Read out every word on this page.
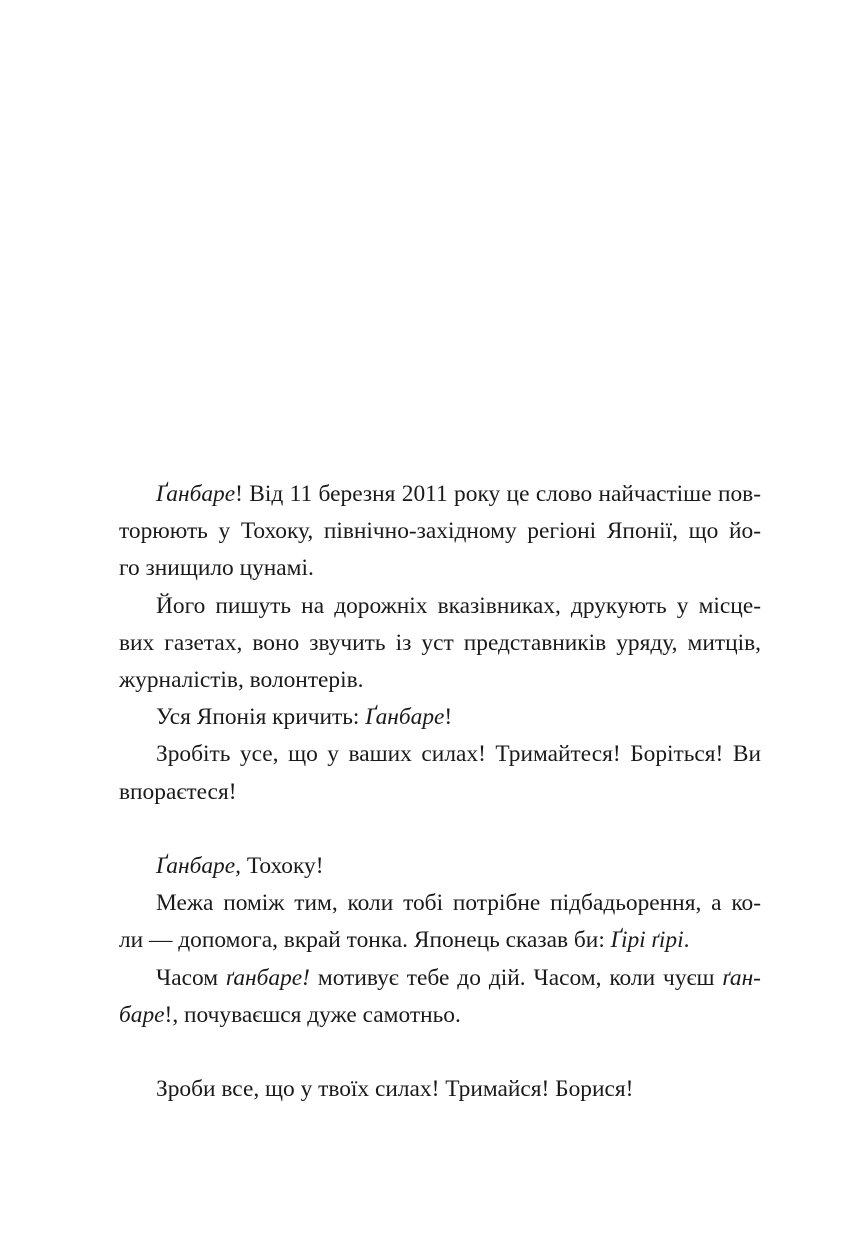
Ґанбаре! Від 11 березня 2011 року це слово найчастіше пов-
торюють у Тохоку, північно-західному регіоні Японії, що йо-
го знищило цунамі.

Його пишуть на дорожніх вказівниках, друкують у місце-
вих газетах, воно звучить із уст представників уряду, митців,
журналістів, волонтерів.

Уся Японія кричить: Ґанбаре!

Зробіть усе, що у ваших силах! Тримайтеся! Боріться! Ви
впораєтеся!

Ґанбаре, Тохоку!

Межа поміж тим, коли тобі потрібне підбадьорення, а ко-
ли — допомога, вкрай тонка. Японець сказав би: Ґірі ґірі.

Часом ґанбаре! мотивує тебе до дій. Часом, коли чуєш ґан-
баре!, почуваєшся дуже самотньо.

Зроби все, що у твоїх силах! Тримайся! Борися!
